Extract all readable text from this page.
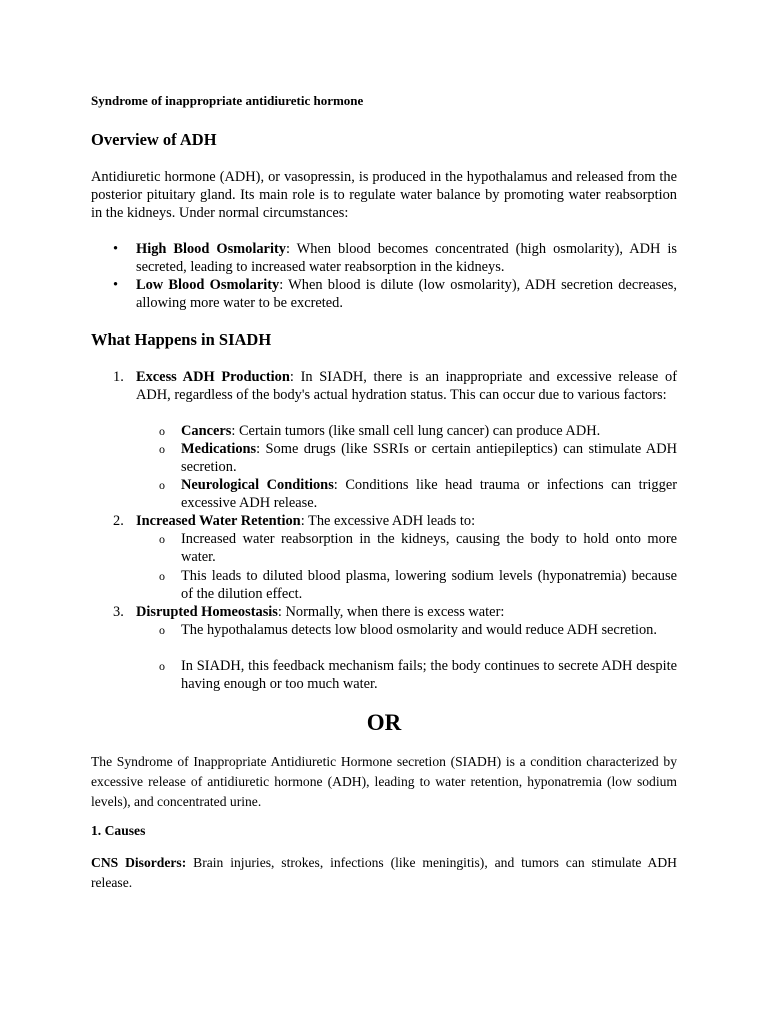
Syndrome of inappropriate antidiuretic hormone
Overview of ADH
Antidiuretic hormone (ADH), or vasopressin, is produced in the hypothalamus and released from the posterior pituitary gland. Its main role is to regulate water balance by promoting water reabsorption in the kidneys. Under normal circumstances:
• High Blood Osmolarity: When blood becomes concentrated (high osmolarity), ADH is secreted, leading to increased water reabsorption in the kidneys.
• Low Blood Osmolarity: When blood is dilute (low osmolarity), ADH secretion decreases, allowing more water to be excreted.
What Happens in SIADH
1. Excess ADH Production: In SIADH, there is an inappropriate and excessive release of ADH, regardless of the body's actual hydration status. This can occur due to various factors:
o Cancers: Certain tumors (like small cell lung cancer) can produce ADH.
o Medications: Some drugs (like SSRIs or certain antiepileptics) can stimulate ADH secretion.
o Neurological Conditions: Conditions like head trauma or infections can trigger excessive ADH release.
2. Increased Water Retention: The excessive ADH leads to:
o Increased water reabsorption in the kidneys, causing the body to hold onto more water.
o This leads to diluted blood plasma, lowering sodium levels (hyponatremia) because of the dilution effect.
3. Disrupted Homeostasis: Normally, when there is excess water:
o The hypothalamus detects low blood osmolarity and would reduce ADH secretion.
o In SIADH, this feedback mechanism fails; the body continues to secrete ADH despite having enough or too much water.
OR
The Syndrome of Inappropriate Antidiuretic Hormone secretion (SIADH) is a condition characterized by excessive release of antidiuretic hormone (ADH), leading to water retention, hyponatremia (low sodium levels), and concentrated urine.
1. Causes
CNS Disorders: Brain injuries, strokes, infections (like meningitis), and tumors can stimulate ADH release.
